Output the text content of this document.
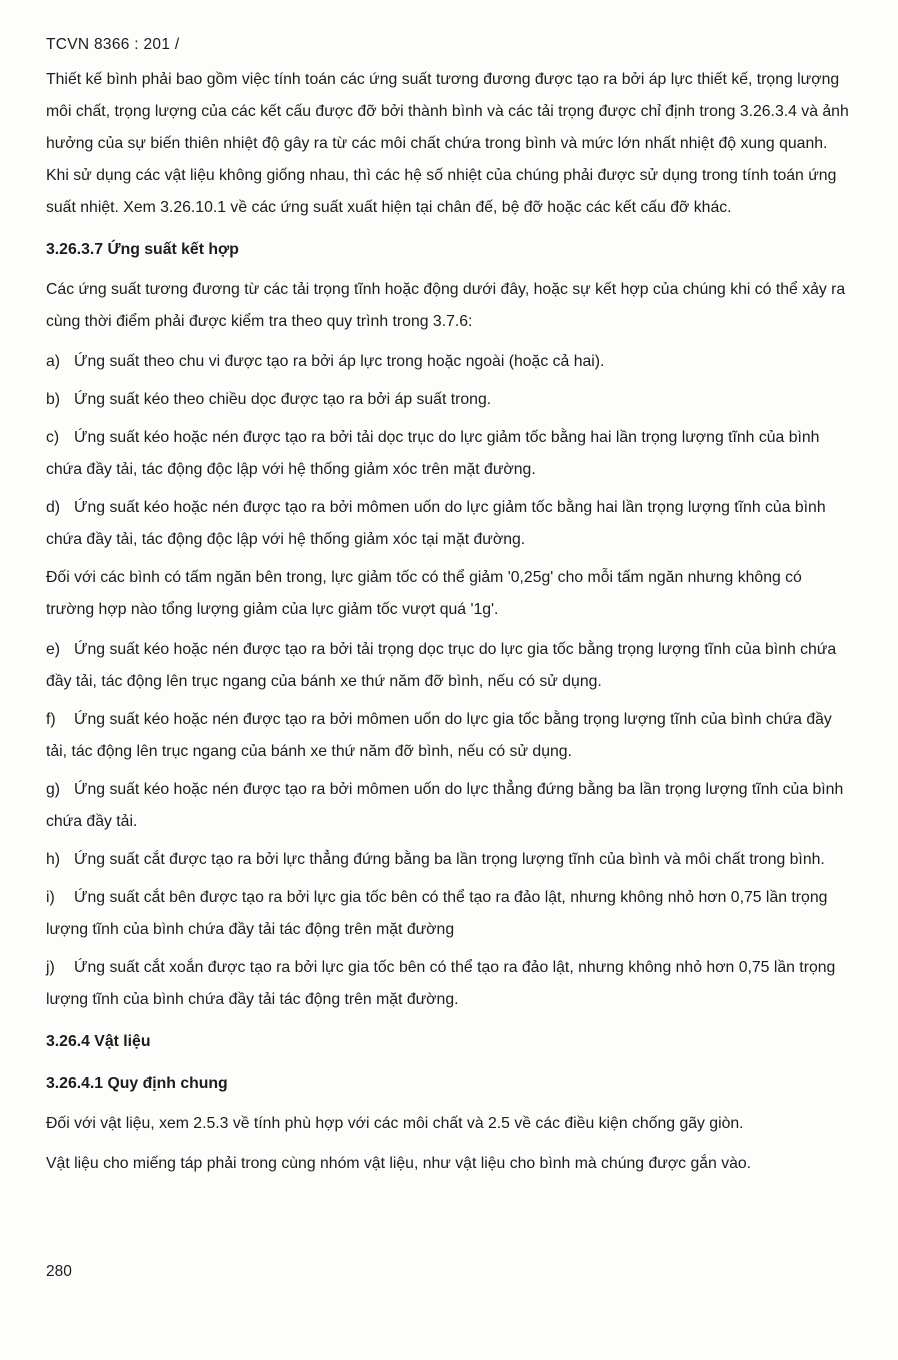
TCVN 8366 : 201 /

Thiết kế bình phải bao gồm việc tính toán các ứng suất tương đương được tạo ra bởi áp lực thiết kế, trọng lượng môi chất, trọng lượng của các kết cấu được đỡ bởi thành bình và các tải trọng được chỉ định trong 3.26.3.4 và ảnh hưởng của sự biến thiên nhiệt độ gây ra từ các môi chất chứa trong bình và mức lớn nhất nhiệt độ xung quanh. Khi sử dụng các vật liệu không giống nhau, thì các hệ số nhiệt của chúng phải được sử dụng trong tính toán ứng suất nhiệt. Xem 3.26.10.1 về các ứng suất xuất hiện tại chân đế, bệ đỡ hoặc các kết cấu đỡ khác.

3.26.3.7 Ứng suất kết hợp

Các ứng suất tương đương từ các tải trọng tĩnh hoặc động dưới đây, hoặc sự kết hợp của chúng khi có thể xảy ra cùng thời điểm phải được kiểm tra theo quy trình trong 3.7.6:

a) Ứng suất theo chu vi được tạo ra bởi áp lực trong hoặc ngoài (hoặc cả hai).

b) Ứng suất kéo theo chiều dọc được tạo ra bởi áp suất trong.

c) Ứng suất kéo hoặc nén được tạo ra bởi tải dọc trục do lực giảm tốc bằng hai lần trọng lượng tĩnh của bình chứa đầy tải, tác động độc lập với hệ thống giảm xóc trên mặt đường.

d) Ứng suất kéo hoặc nén được tạo ra bởi mômen uốn do lực giảm tốc bằng hai lần trọng lượng tĩnh của bình chứa đầy tải, tác động độc lập với hệ thống giảm xóc tại mặt đường.

Đối với các bình có tấm ngăn bên trong, lực giảm tốc có thể giảm '0,25g' cho mỗi tấm ngăn nhưng không có trường hợp nào tổng lượng giảm của lực giảm tốc vượt quá '1g'.

e) Ứng suất kéo hoặc nén được tạo ra bởi tải trọng dọc trục do lực gia tốc bằng trọng lượng tĩnh của bình chứa đầy tải, tác động lên trục ngang của bánh xe thứ năm đỡ bình, nếu có sử dụng.

f) Ứng suất kéo hoặc nén được tạo ra bởi mômen uốn do lực gia tốc bằng trọng lượng tĩnh của bình chứa đầy tải, tác động lên trục ngang của bánh xe thứ năm đỡ bình, nếu có sử dụng.

g) Ứng suất kéo hoặc nén được tạo ra bởi mômen uốn do lực thẳng đứng bằng ba lần trọng lượng tĩnh của bình chứa đầy tải.

h) Ứng suất cắt được tạo ra bởi lực thẳng đứng bằng ba lần trọng lượng tĩnh của bình và môi chất trong bình.

i) Ứng suất cắt bên được tạo ra bởi lực gia tốc bên có thể tạo ra đảo lật, nhưng không nhỏ hơn 0,75 lần trọng lượng tĩnh của bình chứa đầy tải tác động trên mặt đường

j) Ứng suất cắt xoắn được tạo ra bởi lực gia tốc bên có thể tạo ra đảo lật, nhưng không nhỏ hơn 0,75 lần trọng lượng tĩnh của bình chứa đầy tải tác động trên mặt đường.

3.26.4 Vật liệu

3.26.4.1 Quy định chung

Đối với vật liệu, xem 2.5.3 về tính phù hợp với các môi chất và 2.5 về các điều kiện chống gãy giòn.

Vật liệu cho miếng táp phải trong cùng nhóm vật liệu, như vật liệu cho bình mà chúng được gắn vào.

280
